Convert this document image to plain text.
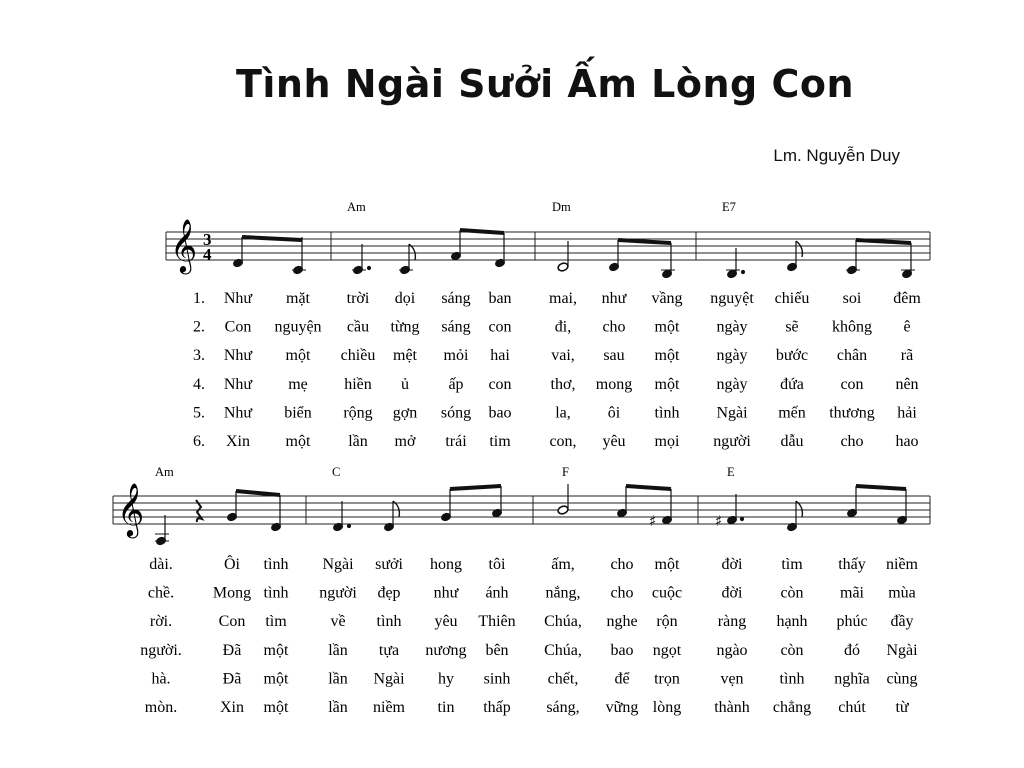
Tình Ngài Sưởi Ấm Lòng Con
Lm. Nguyễn Duy
𝄞 3
4
Am	Dm	E7
1. Như mặt trời dọi sáng ban mai, như vầng nguyệt chiếu soi đêm
2. Con nguyện cầu từng sáng con	đi, cho một ngày sẽ không ê
3. Như một chiều mệt mỏi hai	vai, sau một ngày bước chân rã
4. Như mẹ hiền ủ ấp con thơ, mong một ngày đứa con nên
5. Như biển rộng gợn sóng bao	la, ôi tình Ngài mến thương hải
6. Xin một lần mở trái tim con, yêu mọi người dẫu cho hao
𝄞
Am	C	F	E
♯	♯
dài.	Ôi tình Ngài sưởi hong tôi	ấm, cho một	đời tìm thấy niềm
chề. Mong tình người đẹp như ánh nắng, cho cuộc đời còn mãi mùa
rời.	Con tìm	về tình yêu Thiên Chúa, nghe rộn	ràng hạnh phúc đầy
người.	Đã một lần tựa nương bên Chúa, bao ngọt ngào còn	đó Ngài
hà.	Đã một lần Ngài hy sinh chết, để trọn	vẹn tình nghĩa cùng
mòn.	Xin một lần niềm tin thấp sáng, vững lòng thành chẳng chút từ
